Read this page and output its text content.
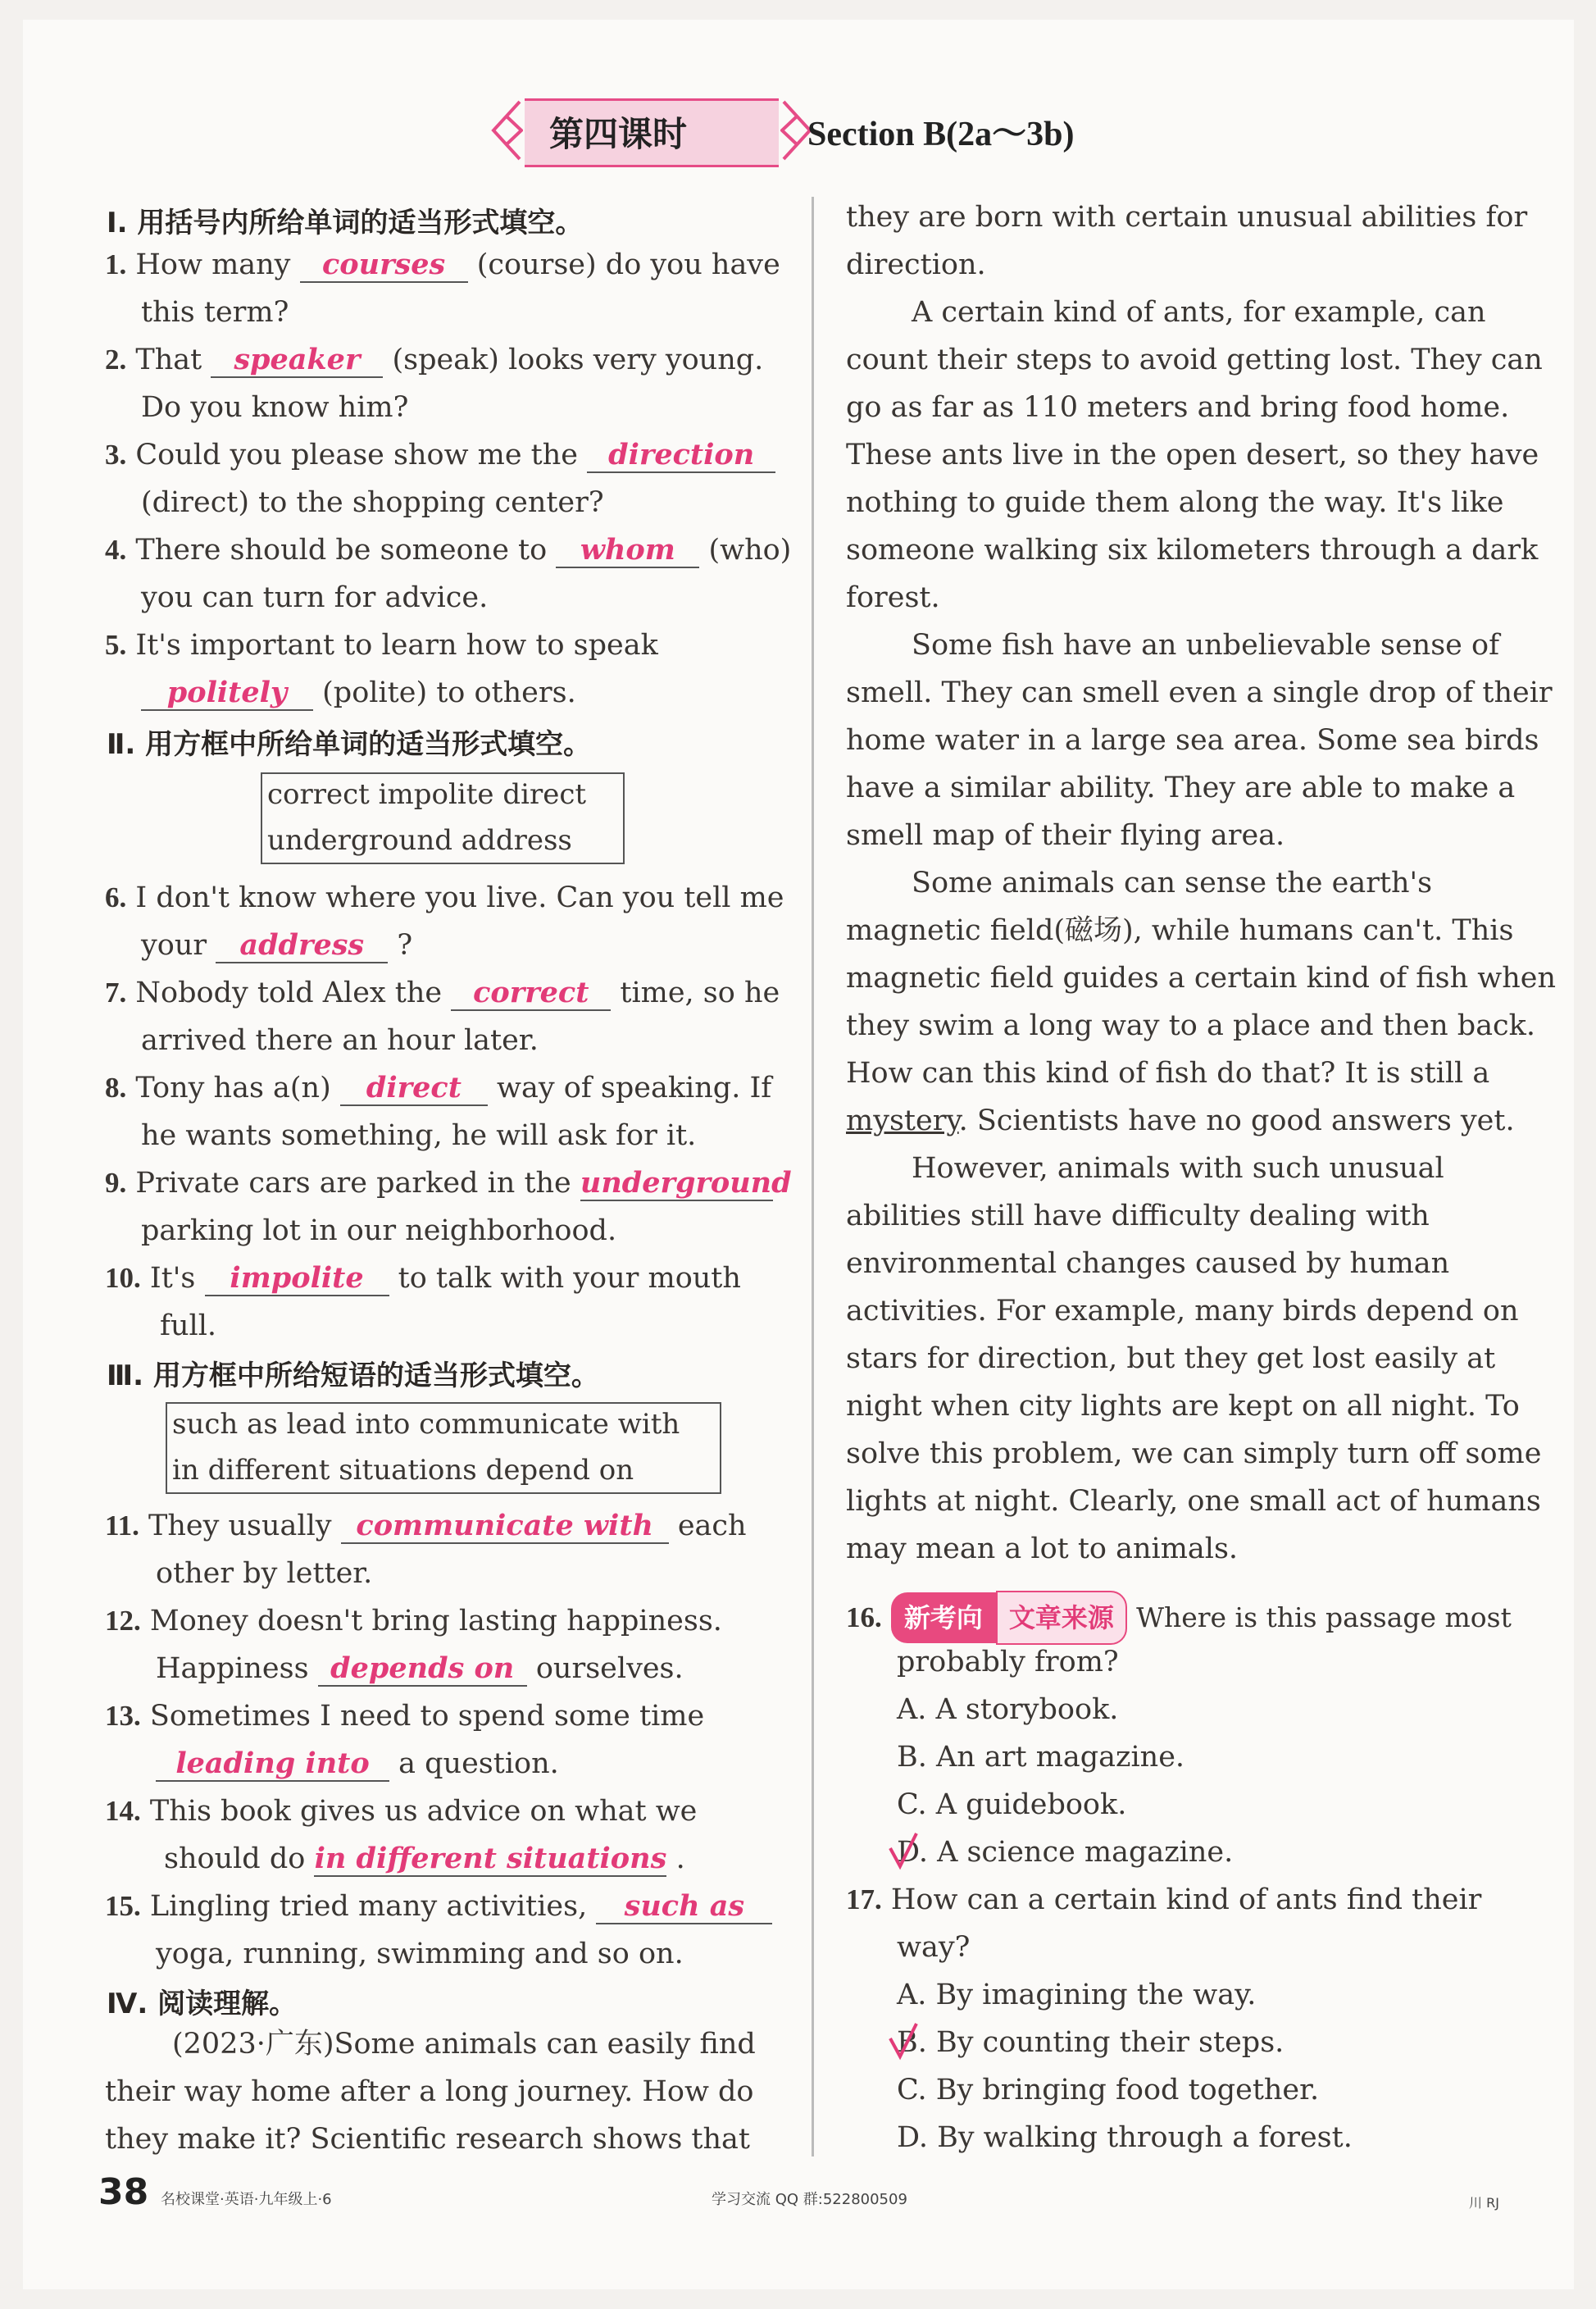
第四课时	Section B(2a～3b)
Ⅰ. 用括号内所给单词的适当形式填空。
1. How many courses (course) do you have
this term?
2. That speaker (speak) looks very young.
Do you know him?
3. Could you please show me the direction
(direct) to the shopping center?
4. There should be someone to whom (who)
you can turn for advice.
5. It's important to learn how to speak
politely (polite) to others.
Ⅱ. 用方框中所给单词的适当形式填空。
correct impolite direct
underground address
6. I don't know where you live. Can you tell me
your address ?
7. Nobody told Alex the correct time, so he
arrived there an hour later.
8. Tony has a(n) direct way of speaking. If
he wants something, he will ask for it.
9. Private cars are parked in the underground
parking lot in our neighborhood.
10. It's impolite to talk with your mouth
full.
Ⅲ. 用方框中所给短语的适当形式填空。
such as lead into communicate with
in different situations depend on
11. They usually communicate with each
other by letter.
12. Money doesn't bring lasting happiness.
Happiness depends on ourselves.
13. Sometimes I need to spend some time
leading into a question.
14. This book gives us advice on what we
should do in different situations .
15. Lingling tried many activities, such as
yoga, running, swimming and so on.
Ⅳ. 阅读理解。
(2023·广东)Some animals can easily find
their way home after a long journey. How do
they make it? Scientific research shows that
they are born with certain unusual abilities for
direction.
A certain kind of ants, for example, can
count their steps to avoid getting lost. They can
go as far as 110 meters and bring food home.
These ants live in the open desert, so they have
nothing to guide them along the way. It's like
someone walking six kilometers through a dark
forest.
Some fish have an unbelievable sense of
smell. They can smell even a single drop of their
home water in a large sea area. Some sea birds
have a similar ability. They are able to make a
smell map of their flying area.
Some animals can sense the earth's
magnetic field(磁场), while humans can't. This
magnetic field guides a certain kind of fish when
they swim a long way to a place and then back.
How can this kind of fish do that? It is still a
mystery. Scientists have no good answers yet.
However, animals with such unusual
abilities still have difficulty dealing with
environmental changes caused by human
activities. For example, many birds depend on
stars for direction, but they get lost easily at
night when city lights are kept on all night. To
solve this problem, we can simply turn off some
lights at night. Clearly, one small act of humans
may mean a lot to animals.
16. 新考向 文章来源 Where is this passage most
probably from?
A. A storybook.
B. An art magazine.
C. A guidebook.
D. A science magazine.
17. How can a certain kind of ants find their
way?
A. By imagining the way.
B. By counting their steps.
C. By bringing food together.
D. By walking through a forest.
38 名校课堂·英语·九年级上·6	学习交流 QQ 群:522800509	川 RJ
